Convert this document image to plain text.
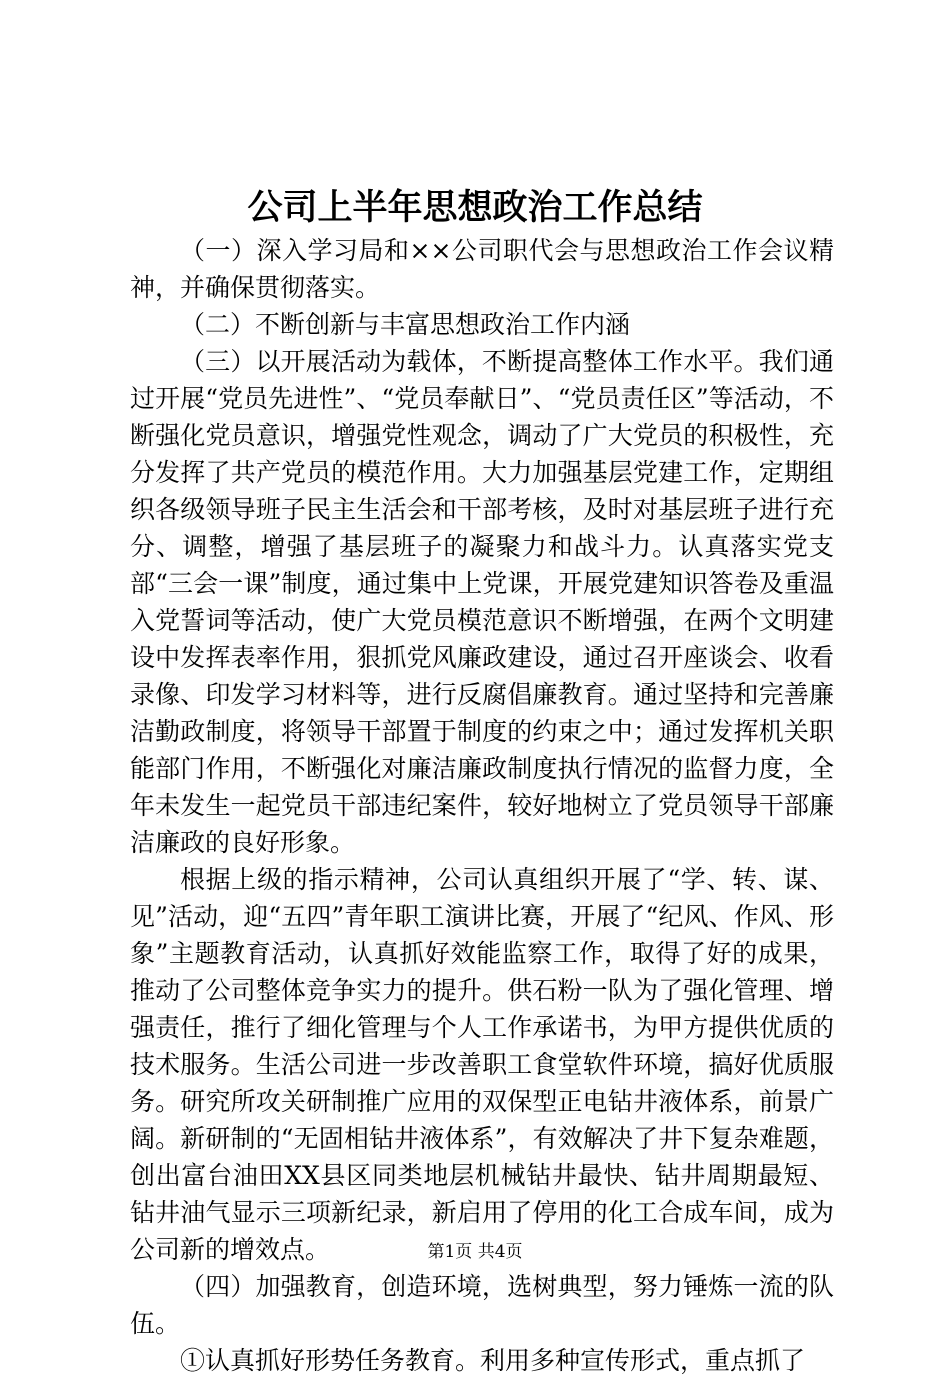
公司上半年思想政治工作总结

（一）深入学习局和××公司职代会与思想政治工作会议精神，并确保贯彻落实。

（二）不断创新与丰富思想政治工作内涵

（三）以开展活动为载体，不断提高整体工作水平。我们通过开展“党员先进性”、“党员奉献日”、“党员责任区”等活动，不断强化党员意识，增强党性观念，调动了广大党员的积极性，充分发挥了共产党员的模范作用。大力加强基层党建工作，定期组织各级领导班子民主生活会和干部考核，及时对基层班子进行充分、调整，增强了基层班子的凝聚力和战斗力。认真落实党支部“三会一课”制度，通过集中上党课，开展党建知识答卷及重温入党誓词等活动，使广大党员模范意识不断增强，在两个文明建设中发挥表率作用，狠抓党风廉政建设，通过召开座谈会、收看录像、印发学习材料等，进行反腐倡廉教育。通过坚持和完善廉洁勤政制度，将领导干部置于制度的约束之中；通过发挥机关职能部门作用，不断强化对廉洁廉政制度执行情况的监督力度，全年未发生一起党员干部违纪案件，较好地树立了党员领导干部廉洁廉政的良好形象。

根据上级的指示精神，公司认真组织开展了“学、转、谋、见”活动，迎“五四”青年职工演讲比赛，开展了“纪风、作风、形象”主题教育活动，认真抓好效能监察工作，取得了好的成果，推动了公司整体竞争实力的提升。供石粉一队为了强化管理、增强责任，推行了细化管理与个人工作承诺书，为甲方提供优质的技术服务。生活公司进一步改善职工食堂软件环境，搞好优质服务。研究所攻关研制推广应用的双保型正电钻井液体系，前景广阔。新研制的“无固相钻井液体系”，有效解决了井下复杂难题，创出富台油田XX县区同类地层机械钻井最快、钻井周期最短、钻井油气显示三项新纪录，新启用了停用的化工合成车间，成为公司新的增效点。

（四）加强教育，创造环境，选树典型，努力锤炼一流的队伍。

①认真抓好形势任务教育。利用多种宣传形式，重点抓了

第1页 共4页
